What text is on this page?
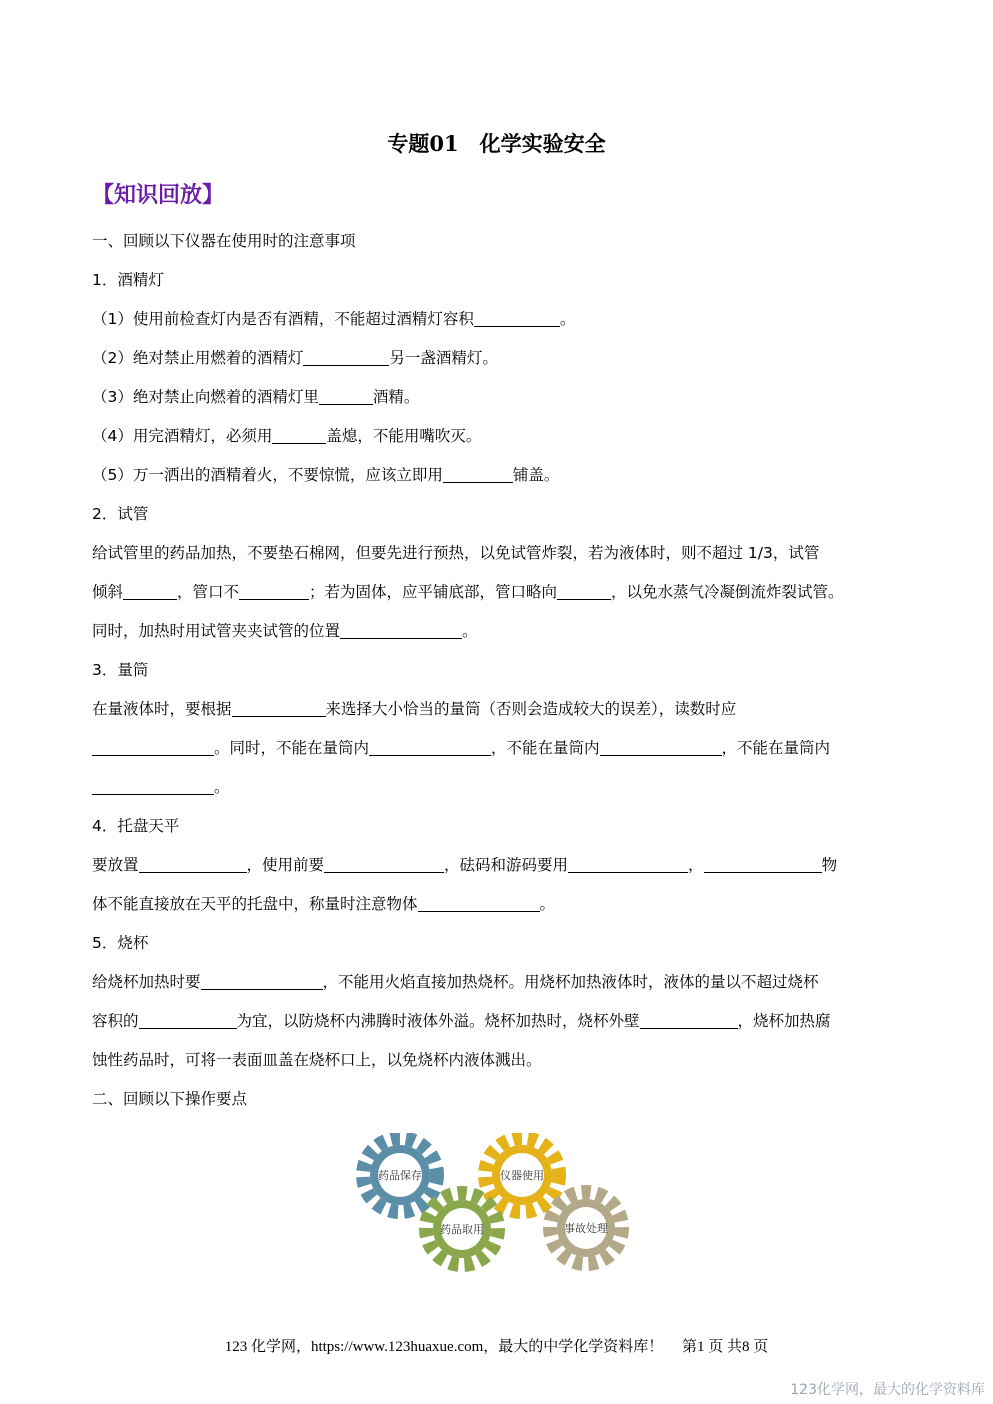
专题01　化学实验安全
【知识回放】
一、回顾以下仪器在使用时的注意事项
1．酒精灯
（1）使用前检查灯内是否有酒精，不能超过酒精灯容积	。
（2）绝对禁止用燃着的酒精灯	另一盏酒精灯。
（3）绝对禁止向燃着的酒精灯里	酒精。
（4）用完酒精灯，必须用	盖熄，不能用嘴吹灭。
（5）万一洒出的酒精着火，不要惊慌，应该立即用	铺盖。
2．试管
给试管里的药品加热，不要垫石棉网，但要先进行预热，以免试管炸裂，若为液体时，则不超过 1/3，试管
倾斜	，管口不	；若为固体，应平铺底部，管口略向	，以免水蒸气冷凝倒流炸裂试管。
同时，加热时用试管夹夹试管的位置	。
3．量筒
在量液体时，要根据	来选择大小恰当的量筒（否则会造成较大的误差），读数时应
。同时，不能在量筒内	，不能在量筒内	，不能在量筒内
。
4．托盘天平
要放置	，使用前要	，砝码和游码要用	，	物
体不能直接放在天平的托盘中，称量时注意物体	。
5．烧杯
给烧杯加热时要	，不能用火焰直接加热烧杯。用烧杯加热液体时，液体的量以不超过烧杯
容积的	为宜，以防烧杯内沸腾时液体外溢。烧杯加热时，烧杯外壁	，烧杯加热腐
蚀性药品时，可将一表面皿盖在烧杯口上，以免烧杯内液体溅出。
二、回顾以下操作要点
药品保存	仪器使用
药品取用	事故处理
123 化学网，https://www.123huaxue.com，最大的中学化学资料库！　 第1 页 共8 页
123化学网，最大的化学资料库
